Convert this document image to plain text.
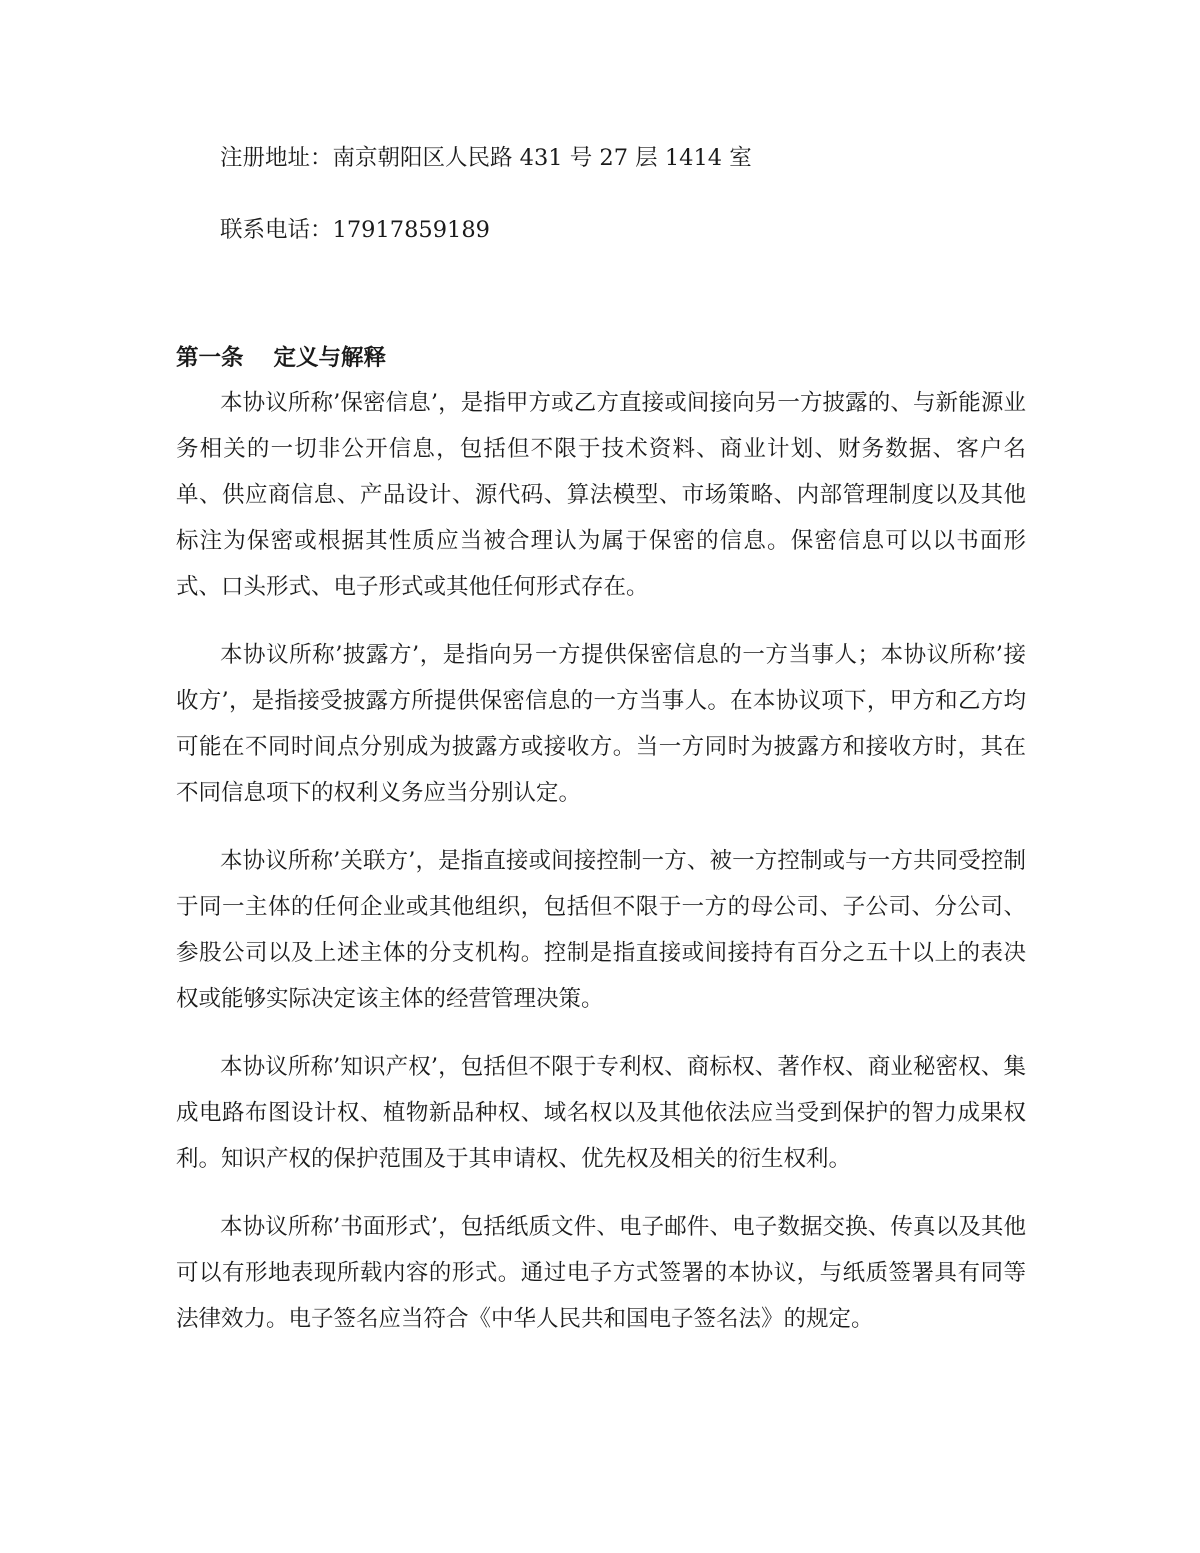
注册地址：南京朝阳区人民路 431 号 27 层 1414 室

联系电话：17917859189

第一条 定义与解释

本协议所称’保密信息’，是指甲方或乙方直接或间接向另一方披露的、与新能源业务相关的一切非公开信息，包括但不限于技术资料、商业计划、财务数据、客户名单、供应商信息、产品设计、源代码、算法模型、市场策略、内部管理制度以及其他标注为保密或根据其性质应当被合理认为属于保密的信息。保密信息可以以书面形式、口头形式、电子形式或其他任何形式存在。

本协议所称’披露方’，是指向另一方提供保密信息的一方当事人；本协议所称’接收方’，是指接受披露方所提供保密信息的一方当事人。在本协议项下，甲方和乙方均可能在不同时间点分别成为披露方或接收方。当一方同时为披露方和接收方时，其在不同信息项下的权利义务应当分别认定。

本协议所称’关联方’，是指直接或间接控制一方、被一方控制或与一方共同受控制于同一主体的任何企业或其他组织，包括但不限于一方的母公司、子公司、分公司、参股公司以及上述主体的分支机构。控制是指直接或间接持有百分之五十以上的表决权或能够实际决定该主体的经营管理决策。

本协议所称’知识产权’，包括但不限于专利权、商标权、著作权、商业秘密权、集成电路布图设计权、植物新品种权、域名权以及其他依法应当受到保护的智力成果权利。知识产权的保护范围及于其申请权、优先权及相关的衍生权利。

本协议所称’书面形式’，包括纸质文件、电子邮件、电子数据交换、传真以及其他可以有形地表现所载内容的形式。通过电子方式签署的本协议，与纸质签署具有同等法律效力。电子签名应当符合《中华人民共和国电子签名法》的规定。
